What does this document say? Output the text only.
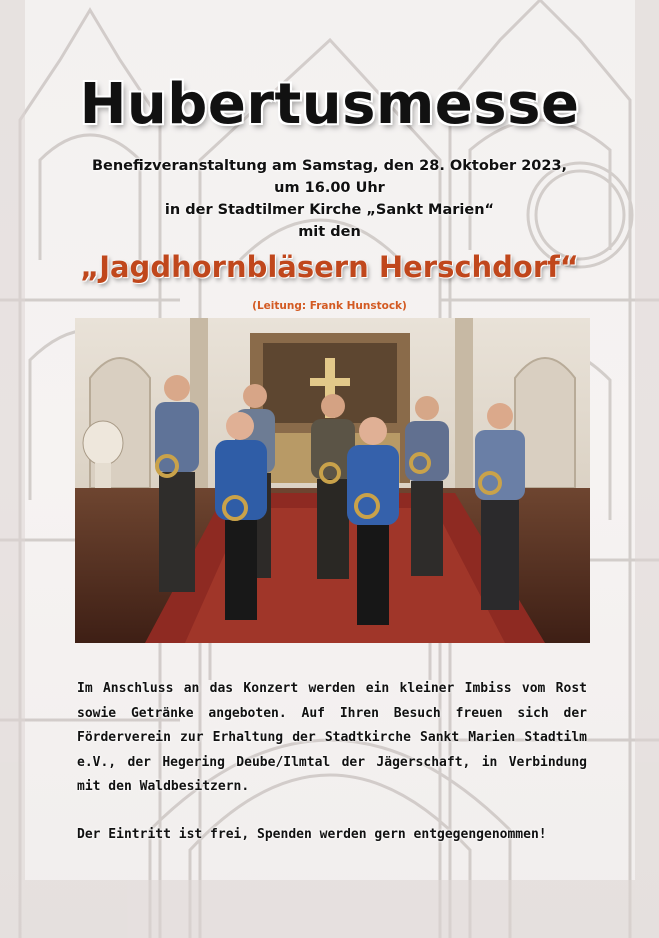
Hubertusmesse
Benefizveranstaltung am Samstag, den 28. Oktober 2023,
um 16.00 Uhr
in der Stadtilmer Kirche „Sankt Marien“
mit den
„Jagdhornbläsern Herschdorf“
(Leitung: Frank Hunstock)
Im Anschluss an das Konzert werden ein kleiner Imbiss vom Rost sowie Getränke angeboten. Auf Ihren Besuch freuen sich der Förderverein zur Erhaltung der Stadtkirche Sankt Marien Stadtilm e.V., der Hegering Deube/Ilmtal der Jägerschaft, in Verbindung mit den Waldbesitzern.
Der Eintritt ist frei, Spenden werden gern entgegengenommen!
